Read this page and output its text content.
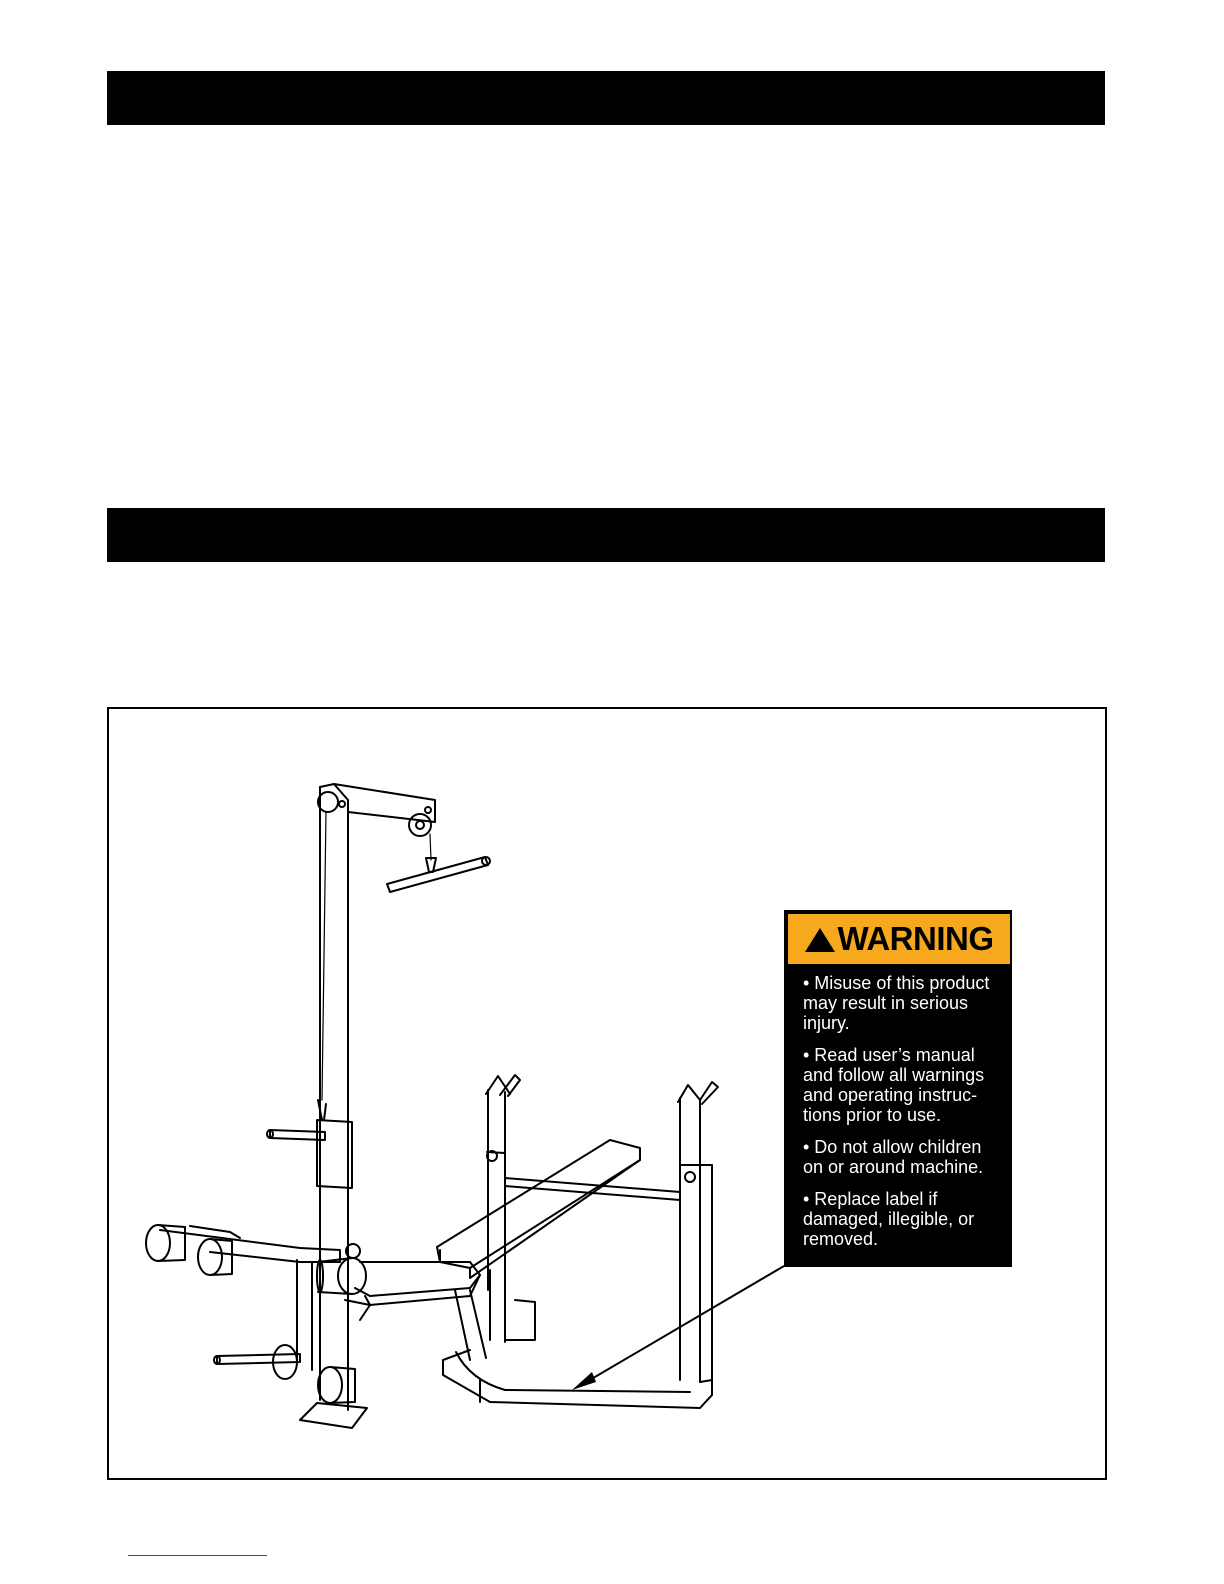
WARNING
• Misuse of this product
may result in serious
injury.
• Read user’s manual
and follow all warnings
and operating instruc-
tions prior to use.
• Do not allow children
on or around machine.
• Replace label if
damaged, illegible, or
removed.
